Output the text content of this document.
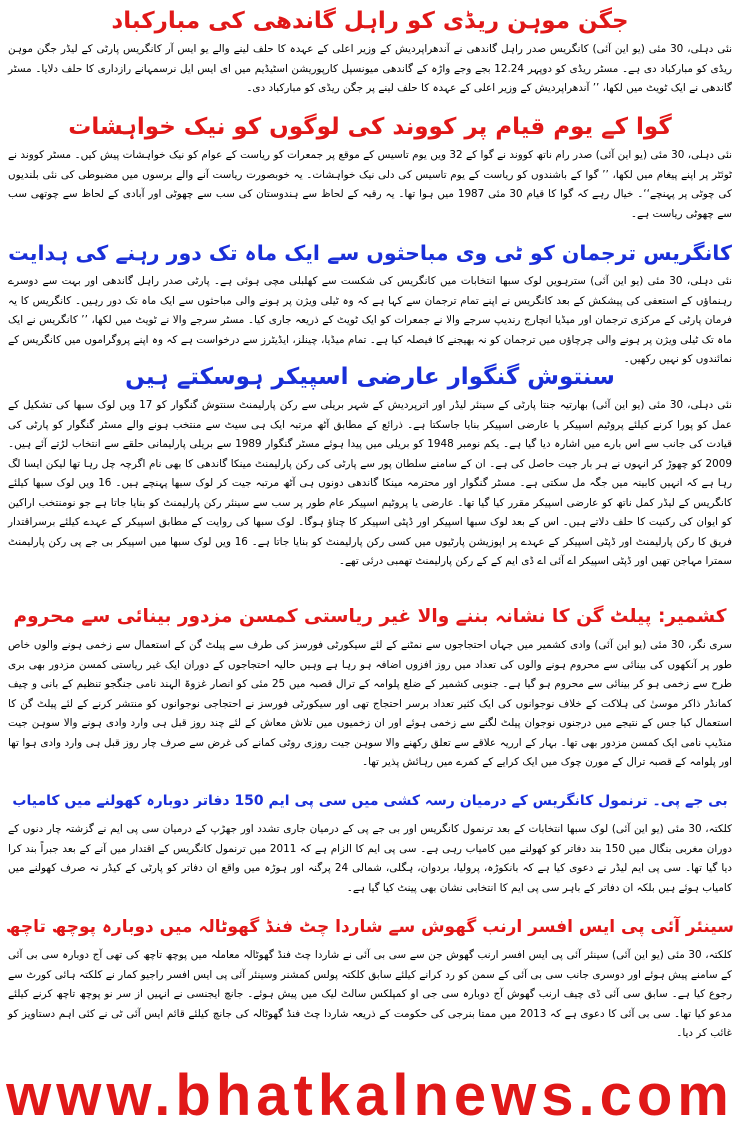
جگن موہن ریڈی کو راہل گاندھی کی مبارکباد
نئی دہلی، 30 مئی (یو این آئی) کانگریس صدر راہل گاندھی نے آندھراپردیش کے وزیر اعلی کے عہدہ کا حلف لینے والے یو ایس آر کانگریس پارٹی کے لیڈر جگن موہن ریڈی کو مبارکباد دی ہے۔ مسٹر ریڈی کو دوپہر 12.24 بجے وجے واڑہ کے گاندھی میونسپل کارپوریشن اسٹیڈیم میں ای ایس ایل نرسمہانے رازداری کا حلف دلایا۔ مسٹر گاندھی نے ایک ٹویٹ میں لکھا، ’’ آندھراپردیش کے وزیر اعلی کے عہدہ کا حلف لینے پر جگن ریڈی کو مبارکباد دی۔
گوا کے یوم قیام پر کووند کی لوگوں کو نیک خواہشات
نئی دہلی، 30 مئی (یو این آئی) صدر رام ناتھ کووند نے گوا کے 32 ویں یوم تاسیس کے موقع پر جمعرات کو ریاست کے عوام کو نیک خواہشات پیش کیں۔ مسٹر کووند نے ٹوئٹر پر اپنے پیغام میں لکھا، ’’ گوا کے باشندوں کو ریاست کے یوم تاسیس کی دلی نیک خواہشات۔ یہ خوبصورت ریاست آنے والے برسوں میں مضبوطی کی نئی بلندیوں کی چوٹی پر پہنچے‘‘۔ خیال رہے کہ گوا کا قیام 30 مئی 1987 میں ہوا تھا۔ یہ رقبہ کے لحاظ سے ہندوستان کی سب سے چھوٹی اور آبادی کے لحاظ سے چوتھی سب سے چھوٹی ریاست ہے۔
کانگریس ترجمان کو ٹی وی مباحثوں سے ایک ماہ تک دور رہنے کی ہدایت
نئی دہلی، 30 مئی (یو این آئی) سترہویں لوک سبھا انتخابات میں کانگریس کی شکست سے کھلبلی مچی ہوئی ہے۔ پارٹی صدر راہل گاندھی اور بہت سے دوسرے رہنماؤں کے استعفی کی پیشکش کے بعد کانگریس نے اپنے تمام ترجمان سے کہا ہے کہ وہ ٹیلی ویژن پر ہونے والی مباحثوں سے ایک ماہ تک دور رہیں۔ کانگریس کا یہ فرمان پارٹی کے مرکزی ترجمان اور میڈیا انچارج رندیپ سرجے والا نے جمعرات کو ایک ٹویٹ کے ذریعہ جاری کیا۔ مسٹر سرجے والا نے ٹویٹ میں لکھا، ’’ کانگریس نے ایک ماہ تک ٹیلی ویژن پر ہونے والی چرچاؤں میں ترجمان کو نہ بھیجنے کا فیصلہ کیا ہے۔ تمام میڈیا، چینلز، ایڈیٹرز سے درخواست ہے کہ وہ اپنے پروگراموں میں کانگریس کے نمائندوں کو نہیں رکھیں۔
سنتوش گنگوار عارضی اسپیکر ہوسکتے ہیں
نئی دہلی، 30 مئی (یو این آئی) بھارتیہ جنتا پارٹی کے سینئر لیڈر اور اترپردیش کے شہر بریلی سے رکن پارلیمنٹ سنتوش گنگوار کو 17 ویں لوک سبھا کی تشکیل کے عمل کو پورا کرنے کیلئے پروٹیم اسپیکر یا عارضی اسپیکر بنایا جاسکتا ہے۔ ذرائع کے مطابق آٹھ مرتبہ ایک ہی سیٹ سے منتخب ہونے والے مسٹر گنگوار کو پارٹی کی قیادت کی جانب سے اس بارے میں اشارہ دیا گیا ہے۔ یکم نومبر 1948 کو بریلی میں پیدا ہوئے مسٹر گنگوار 1989 سے بریلی پارلیمانی حلقے سے انتخاب لڑتے آئے ہیں۔ 2009 کو چھوڑ کر انہوں نے ہر بار جیت حاصل کی ہے۔ ان کے سامنے سلطان پور سے پارٹی کی رکن پارلیمنٹ مینکا گاندھی کا بھی نام اگرچہ چل رہا تھا لیکن ایسا لگ رہا ہے کہ انہیں کابینہ میں جگہ مل سکتی ہے۔ مسٹر گنگوار اور محترمہ مینکا گاندھی دونوں ہی آٹھ مرتبہ جیت کر لوک سبھا پہنچے ہیں۔ 16 ویں لوک سبھا کیلئے کانگریس کے لیڈر کمل ناتھ کو عارضی اسپیکر مقرر کیا گیا تھا۔ عارضی یا پروٹیم اسپیکر عام طور پر سب سے سینئر رکن پارلیمنٹ کو بنایا جاتا ہے جو نومنتخب اراکین کو ایوان کی رکنیت کا حلف دلاتے ہیں۔ اس کے بعد لوک سبھا اسپیکر اور ڈپٹی اسپیکر کا چناؤ ہوگا۔ لوک سبھا کی روایت کے مطابق اسپیکر کے عہدے کیلئے برسراقتدار فریق کا رکن پارلیمنٹ اور ڈپٹی اسپیکر کے عہدے پر اپوزیشن پارٹیوں میں کسی رکن پارلیمنٹ کو بنایا جاتا ہے۔ 16 ویں لوک سبھا میں اسپیکر بی جے پی رکن پارلیمنٹ سمترا مہاجن تھیں اور ڈپٹی اسپیکر اے آئی اے ڈی ایم کے کے رکن پارلیمنٹ تھمبی درئی تھے۔
کشمیر: پیلٹ گن کا نشانہ بننے والا غیر ریاستی کمسن مزدور بینائی سے محروم
سری نگر، 30 مئی (یو این آئی) وادی کشمیر میں جہاں احتجاجوں سے نمٹنے کے لئے سیکورٹی فورسز کی طرف سے پیلٹ گن کے استعمال سے زخمی ہونے والوں خاص طور پر آنکھوں کی بینائی سے محروم ہونے والوں کی تعداد میں روز افزوں اضافہ ہو رہا ہے وہیں حالیہ احتجاجوں کے دوران ایک غیر ریاستی کمسن مزدور بھی بری طرح سے زخمی ہو کر بینائی سے محروم ہو گیا ہے۔ جنوبی کشمیر کے ضلع پلوامہ کے ترال قصبہ میں 25 مئی کو انصار غزوۃ الہند نامی جنگجو تنظیم کے بانی و چیف کمانڈر ذاکر موسیٰ کی ہلاکت کے خلاف نوجوانوں کی ایک کثیر تعداد برسر احتجاج تھی اور سیکورٹی فورسز نے احتجاجی نوجوانوں کو منتشر کرنے کے لئے پیلٹ گن کا استعمال کیا جس کے نتیجے میں درجنوں نوجوان پیلٹ لگنے سے زخمی ہوئے اور ان زخمیوں میں تلاش معاش کے لئے چند روز قبل ہی وارد وادی ہونے والا سوہن جیت منڈیپ نامی ایک کمسن مزدور بھی تھا۔ بہار کے ارریہ علاقے سے تعلق رکھنے والا سوہن جیت روزی روٹی کمانے کی غرض سے صرف چار روز قبل ہی وارد وادی ہوا تھا اور پلوامہ کے قصبہ ترال کے مورن چوک میں ایک کرایے کے کمرے میں رہائش پذیر تھا۔
بی جے پی۔ ترنمول کانگریس کے درمیان رسہ کشی میں سی پی ایم 150 دفاتر دوبارہ کھولنے میں کامیاب
کلکتہ، 30 مئی (یو این آئی) لوک سبھا انتخابات کے بعد ترنمول کانگریس اور بی جے پی کے درمیان جاری تشدد اور جھڑپ کے درمیان سی پی ایم نے گزشتہ چار دنوں کے دوران مغربی بنگال میں 150 بند دفاتر کو کھولنے میں کامیاب رہی ہے۔ سی پی ایم کا الزام ہے کہ 2011 میں ترنمول کانگریس کے اقتدار میں آنے کے بعد جبراً بند کرا دیا گیا تھا۔ سی پی ایم لیڈر نے دعوی کیا ہے کہ بانکوڑہ، پرولیا، بردوان، ہگلی، شمالی 24 پرگنہ اور ہوڑہ میں واقع ان دفاتر کو پارٹی کے کیڈر نہ صرف کھولنے میں کامیاب ہوئے ہیں بلکہ ان دفاتر کے باہر سی پی ایم کا انتخابی نشان بھی پینٹ کیا گیا ہے۔
سینئر آئی پی ایس افسر ارنب گھوش سے شاردا چٹ فنڈ گھوٹالہ میں دوبارہ پوچھ تاچھ
کلکتہ، 30 مئی (یو این آئی) سینئر آئی پی ایس افسر ارنب گھوش جن سے سی بی آئی نے شاردا چٹ فنڈ گھوٹالہ معاملہ میں پوچھ تاچھ کی تھی آج دوبارہ سی بی آئی کے سامنے پیش ہوئے اور دوسری جانب سی بی آئی کے سمن کو رد کرانے کیلئے سابق کلکتہ پولس کمشنر وسینئر آئی پی ایس افسر راجیو کمار نے کلکتہ ہائی کورٹ سے رجوع کیا ہے۔ سابق سی آئی ڈی چیف ارنب گھوش آج دوبارہ سی جی او کمپلکس سالٹ لیک میں پیش ہوئے۔ جانچ ایجنسی نے انہیں از سر نو پوچھ تاچھ کرنے کیلئے مدعو کیا تھا۔ سی بی آئی کا دعوی ہے کہ 2013 میں ممتا بنرجی کی حکومت کے ذریعہ شاردا چٹ فنڈ گھوٹالہ کی جانچ کیلئے قائم ایس آئی ٹی نے کئی اہم دستاویز کو غائب کر دیا۔
www.bhatkalnews.com
